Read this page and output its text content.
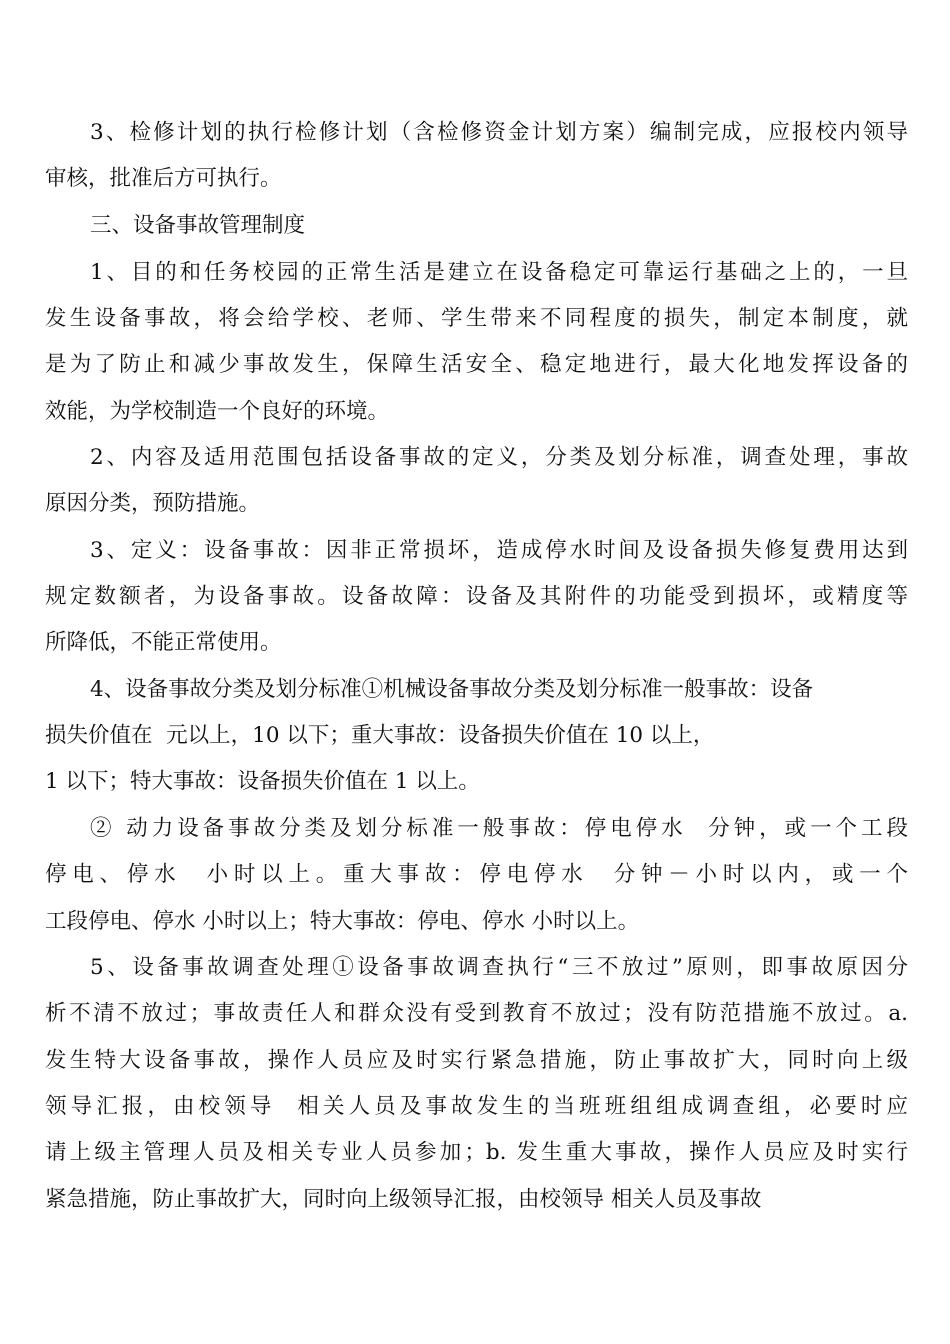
3、检修计划的执行检修计划（含检修资金计划方案）编制完成，应报校内领导
审核，批准后方可执行。
三、设备事故管理制度
1、目的和任务校园的正常生活是建立在设备稳定可靠运行基础之上的，一旦
发生设备事故，将会给学校、老师、学生带来不同程度的损失，制定本制度，就
是为了防止和减少事故发生，保障生活安全、稳定地进行，最大化地发挥设备的
效能，为学校制造一个良好的环境。
2、内容及适用范围包括设备事故的定义，分类及划分标准，调查处理，事故
原因分类，预防措施。
3、定义：设备事故：因非正常损坏，造成停水时间及设备损失修复费用达到
规定数额者，为设备事故。设备故障：设备及其附件的功能受到损坏，或精度等
所降低，不能正常使用。
4、设备事故分类及划分标准①机械设备事故分类及划分标准一般事故：设备
损失价值在  元以上，10 以下；重大事故：设备损失价值在 10 以上，
1 以下；特大事故：设备损失价值在 1 以上。
② 动力设备事故分类及划分标准一般事故：停电停水  分钟，或一个工段
停电、停水  小时以上。重大事故：停电停水  分钟－小时以内，或一个
工段停电、停水 小时以上；特大事故：停电、停水 小时以上。
5、设备事故调查处理①设备事故调查执行“三不放过”原则，即事故原因分
析不清不放过；事故责任人和群众没有受到教育不放过；没有防范措施不放过。a.
发生特大设备事故，操作人员应及时实行紧急措施，防止事故扩大，同时向上级
领导汇报，由校领导  相关人员及事故发生的当班班组组成调查组，必要时应
请上级主管理人员及相关专业人员参加；b. 发生重大事故，操作人员应及时实行
紧急措施，防止事故扩大，同时向上级领导汇报，由校领导 相关人员及事故
